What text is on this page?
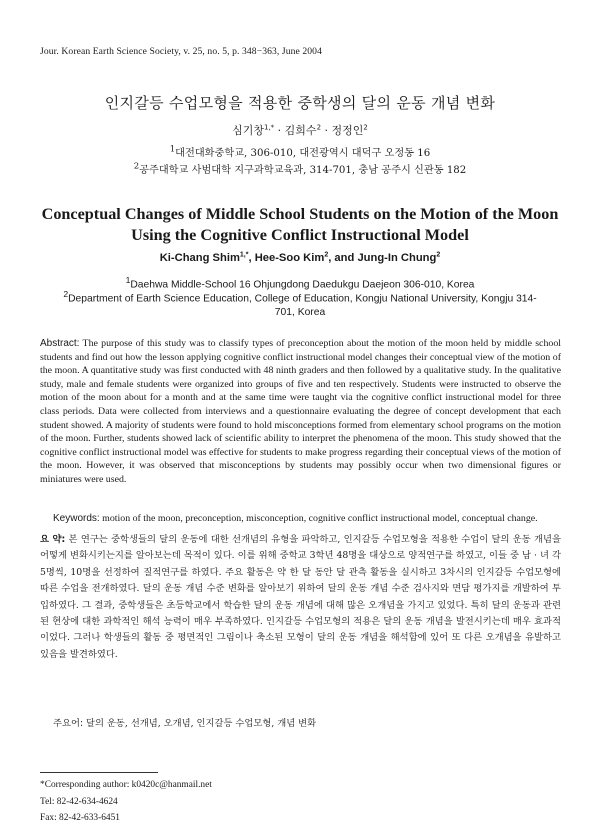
Jour. Korean Earth Science Society, v. 25, no. 5, p. 348−363, June 2004
인지갈등 수업모형을 적용한 중학생의 달의 운동 개념 변화
심기창$^{1,*}$ · 김희수$^2$ · 정정인$^2$
$^1$대전대화중학교, 306-010, 대전광역시 대덕구 오정동 16
$^2$공주대학교 사범대학 지구과학교육과, 314-701, 충남 공주시 신관동 182
Conceptual Changes of Middle School Students on the Motion of the Moon Using the Cognitive Conflict Instructional Model
Ki-Chang Shim$^{1,*}$, Hee-Soo Kim$^2$, and Jung-In Chung$^2$
$^1$Daehwa Middle-School 16 Ohjungdong Daedukgu Daejeon 306-010, Korea
$^2$Department of Earth Science Education, College of Education, Kongju National University, Kongju 314-701, Korea
Abstract: The purpose of this study was to classify types of preconception about the motion of the moon held by middle school students and find out how the lesson applying cognitive conflict instructional model changes their conceptual view of the motion of the moon. A quantitative study was first conducted with 48 ninth graders and then followed by a qualitative study. In the qualitative study, male and female students were organized into groups of five and ten respectively. Students were instructed to observe the motion of the moon about for a month and at the same time were taught via the cognitive conflict instructional model for three class periods. Data were collected from interviews and a questionnaire evaluating the degree of concept development that each student showed. A majority of students were found to hold misconceptions formed from elementary school programs on the motion of the moon. Further, students showed lack of scientific ability to interpret the phenomena of the moon. This study showed that the cognitive conflict instructional model was effective for students to make progress regarding their conceptual views of the motion of the moon. However, it was observed that misconceptions by students may possibly occur when two dimensional figures or miniatures were used.
Keywords: motion of the moon, preconception, misconception, cognitive conflict instructional model, conceptual change.
요 약: 본 연구는 중학생들의 달의 운동에 대한 선개념의 유형을 파악하고, 인지갈등 수업모형을 적용한 수업이 달의 운동 개념을 어떻게 변화시키는지를 알아보는데 목적이 있다. 이를 위해 중학교 3학년 48명을 대상으로 양적연구를 하였고, 이들 중 남 · 녀 각 5명씩, 10명을 선정하여 질적연구를 하였다. 주요 활동은 약 한 달 동안 달 관측 활동을 실시하고 3차시의 인지갈등 수업모형에 따른 수업을 전개하였다. 달의 운동 개념 수준 변화를 알아보기 위하여 달의 운동 개념 수준 검사지와 면담 평가지를 개발하여 투입하였다. 그 결과, 중학생들은 초등학교에서 학습한 달의 운동 개념에 대해 많은 오개념을 가지고 있었다. 특히 달의 운동과 관련된 현상에 대한 과학적인 해석 능력이 매우 부족하였다. 인지갈등 수업모형의 적용은 달의 운동 개념을 발전시키는데 매우 효과적이었다. 그러나 학생들의 활동 중 평면적인 그림이나 축소된 모형이 달의 운동 개념을 해석함에 있어 또 다른 오개념을 유발하고 있음을 발견하였다.
주요어: 달의 운동, 선개념, 오개념, 인지갈등 수업모형, 개념 변화
*Corresponding author: k0420c@hanmail.net
Tel: 82-42-634-4624
Fax: 82-42-633-6451
